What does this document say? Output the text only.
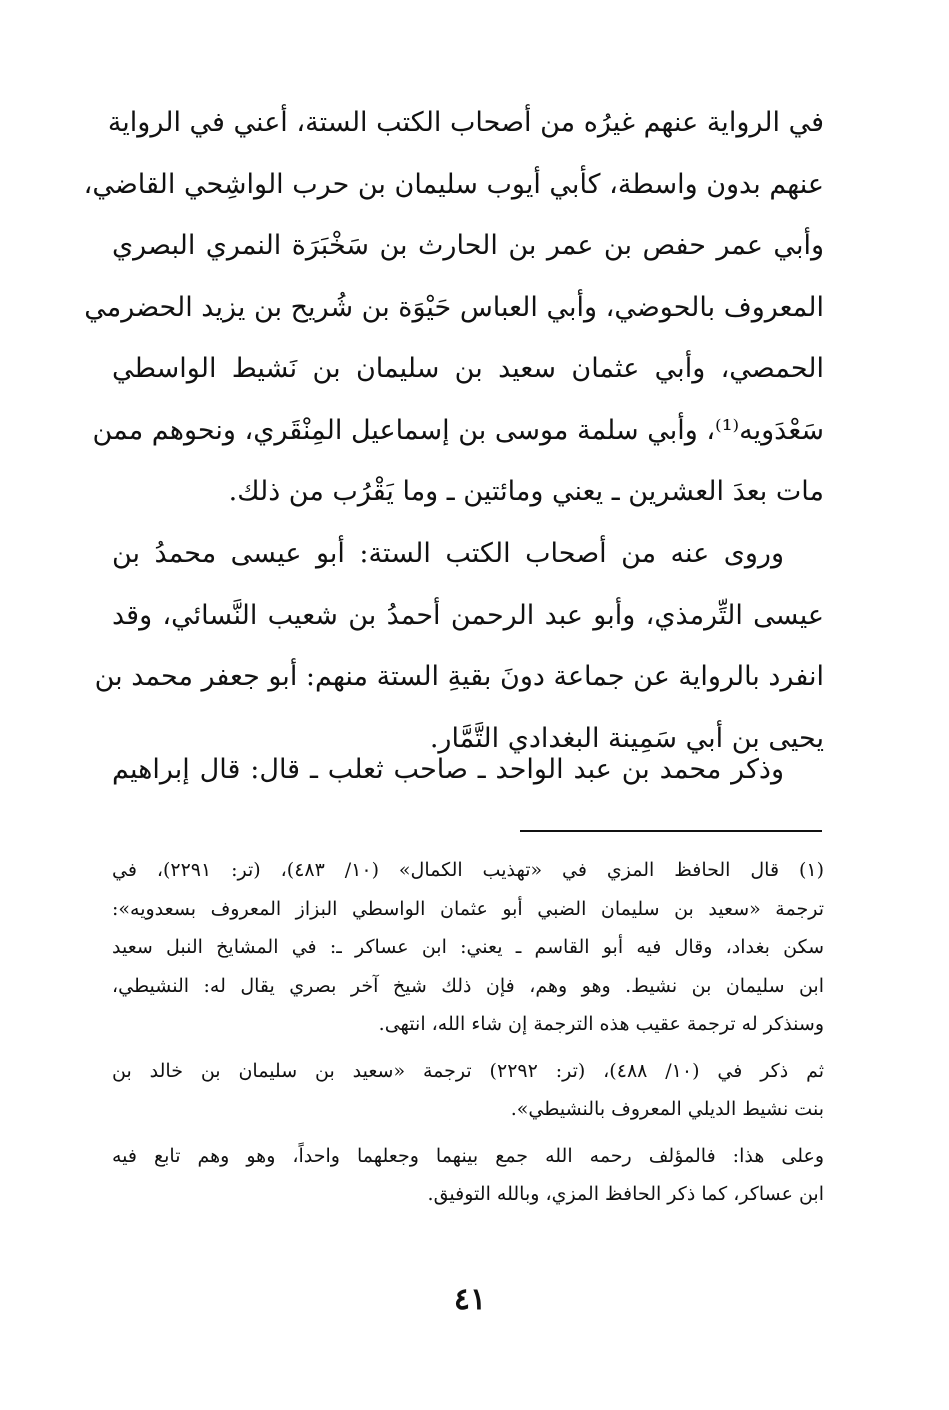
في الرواية عنهم غيرُه من أصحاب الكتب الستة، أعني في الرواية
عنهم بدون واسطة، كأبي أيوب سليمان بن حرب الواشِحي القاضي،
وأبي عمر حفص بن عمر بن الحارث بن سَخْبَرَة النمري البصري
المعروف بالحوضي، وأبي العباس حَيْوَة بن شُريح بن يزيد الحضرمي
الحمصي، وأبي عثمان سعيد بن سليمان بن نَشيط الواسطي
سَعْدَويه⁽¹⁾، وأبي سلمة موسى بن إسماعيل المِنْقَري، ونحوهم ممن
مات بعدَ العشرين ـ يعني ومائتين ـ وما يَقْرُب من ذلك.
وروى عنه من أصحاب الكتب الستة: أبو عيسى محمدُ بن
عيسى التِّرمذي، وأبو عبد الرحمن أحمدُ بن شعيب النَّسائي، وقد
انفرد بالرواية عن جماعة دونَ بقيةِ الستة منهم: أبو جعفر محمد بن
يحيى بن أبي سَمِينة البغدادي التَّمَّار.
وذكر محمد بن عبد الواحد ـ صاحب ثعلب ـ قال: قال إبراهيم
(١) قال الحافظ المزي في «تهذيب الكمال» (١٠/ ٤٨٣)، (تر: ٢٢٩١)، في
ترجمة «سعيد بن سليمان الضبي أبو عثمان الواسطي البزاز المعروف بسعدويه»:
سكن بغداد، وقال فيه أبو القاسم ـ يعني: ابن عساكر ـ: في المشايخ النبل سعيد
ابن سليمان بن نشيط. وهو وهم، فإن ذلك شيخ آخر بصري يقال له: النشيطي،
وسنذكر له ترجمة عقيب هذه الترجمة إن شاء الله، انتهى.
ثم ذكر في (١٠/ ٤٨٨)، (تر: ٢٢٩٢) ترجمة «سعيد بن سليمان بن خالد بن
بنت نشيط الديلي المعروف بالنشيطي».
وعلى هذا: فالمؤلف رحمه الله جمع بينهما وجعلهما واحداً، وهو وهم تابع فيه
ابن عساكر، كما ذكر الحافظ المزي، وبالله التوفيق.
٤١
